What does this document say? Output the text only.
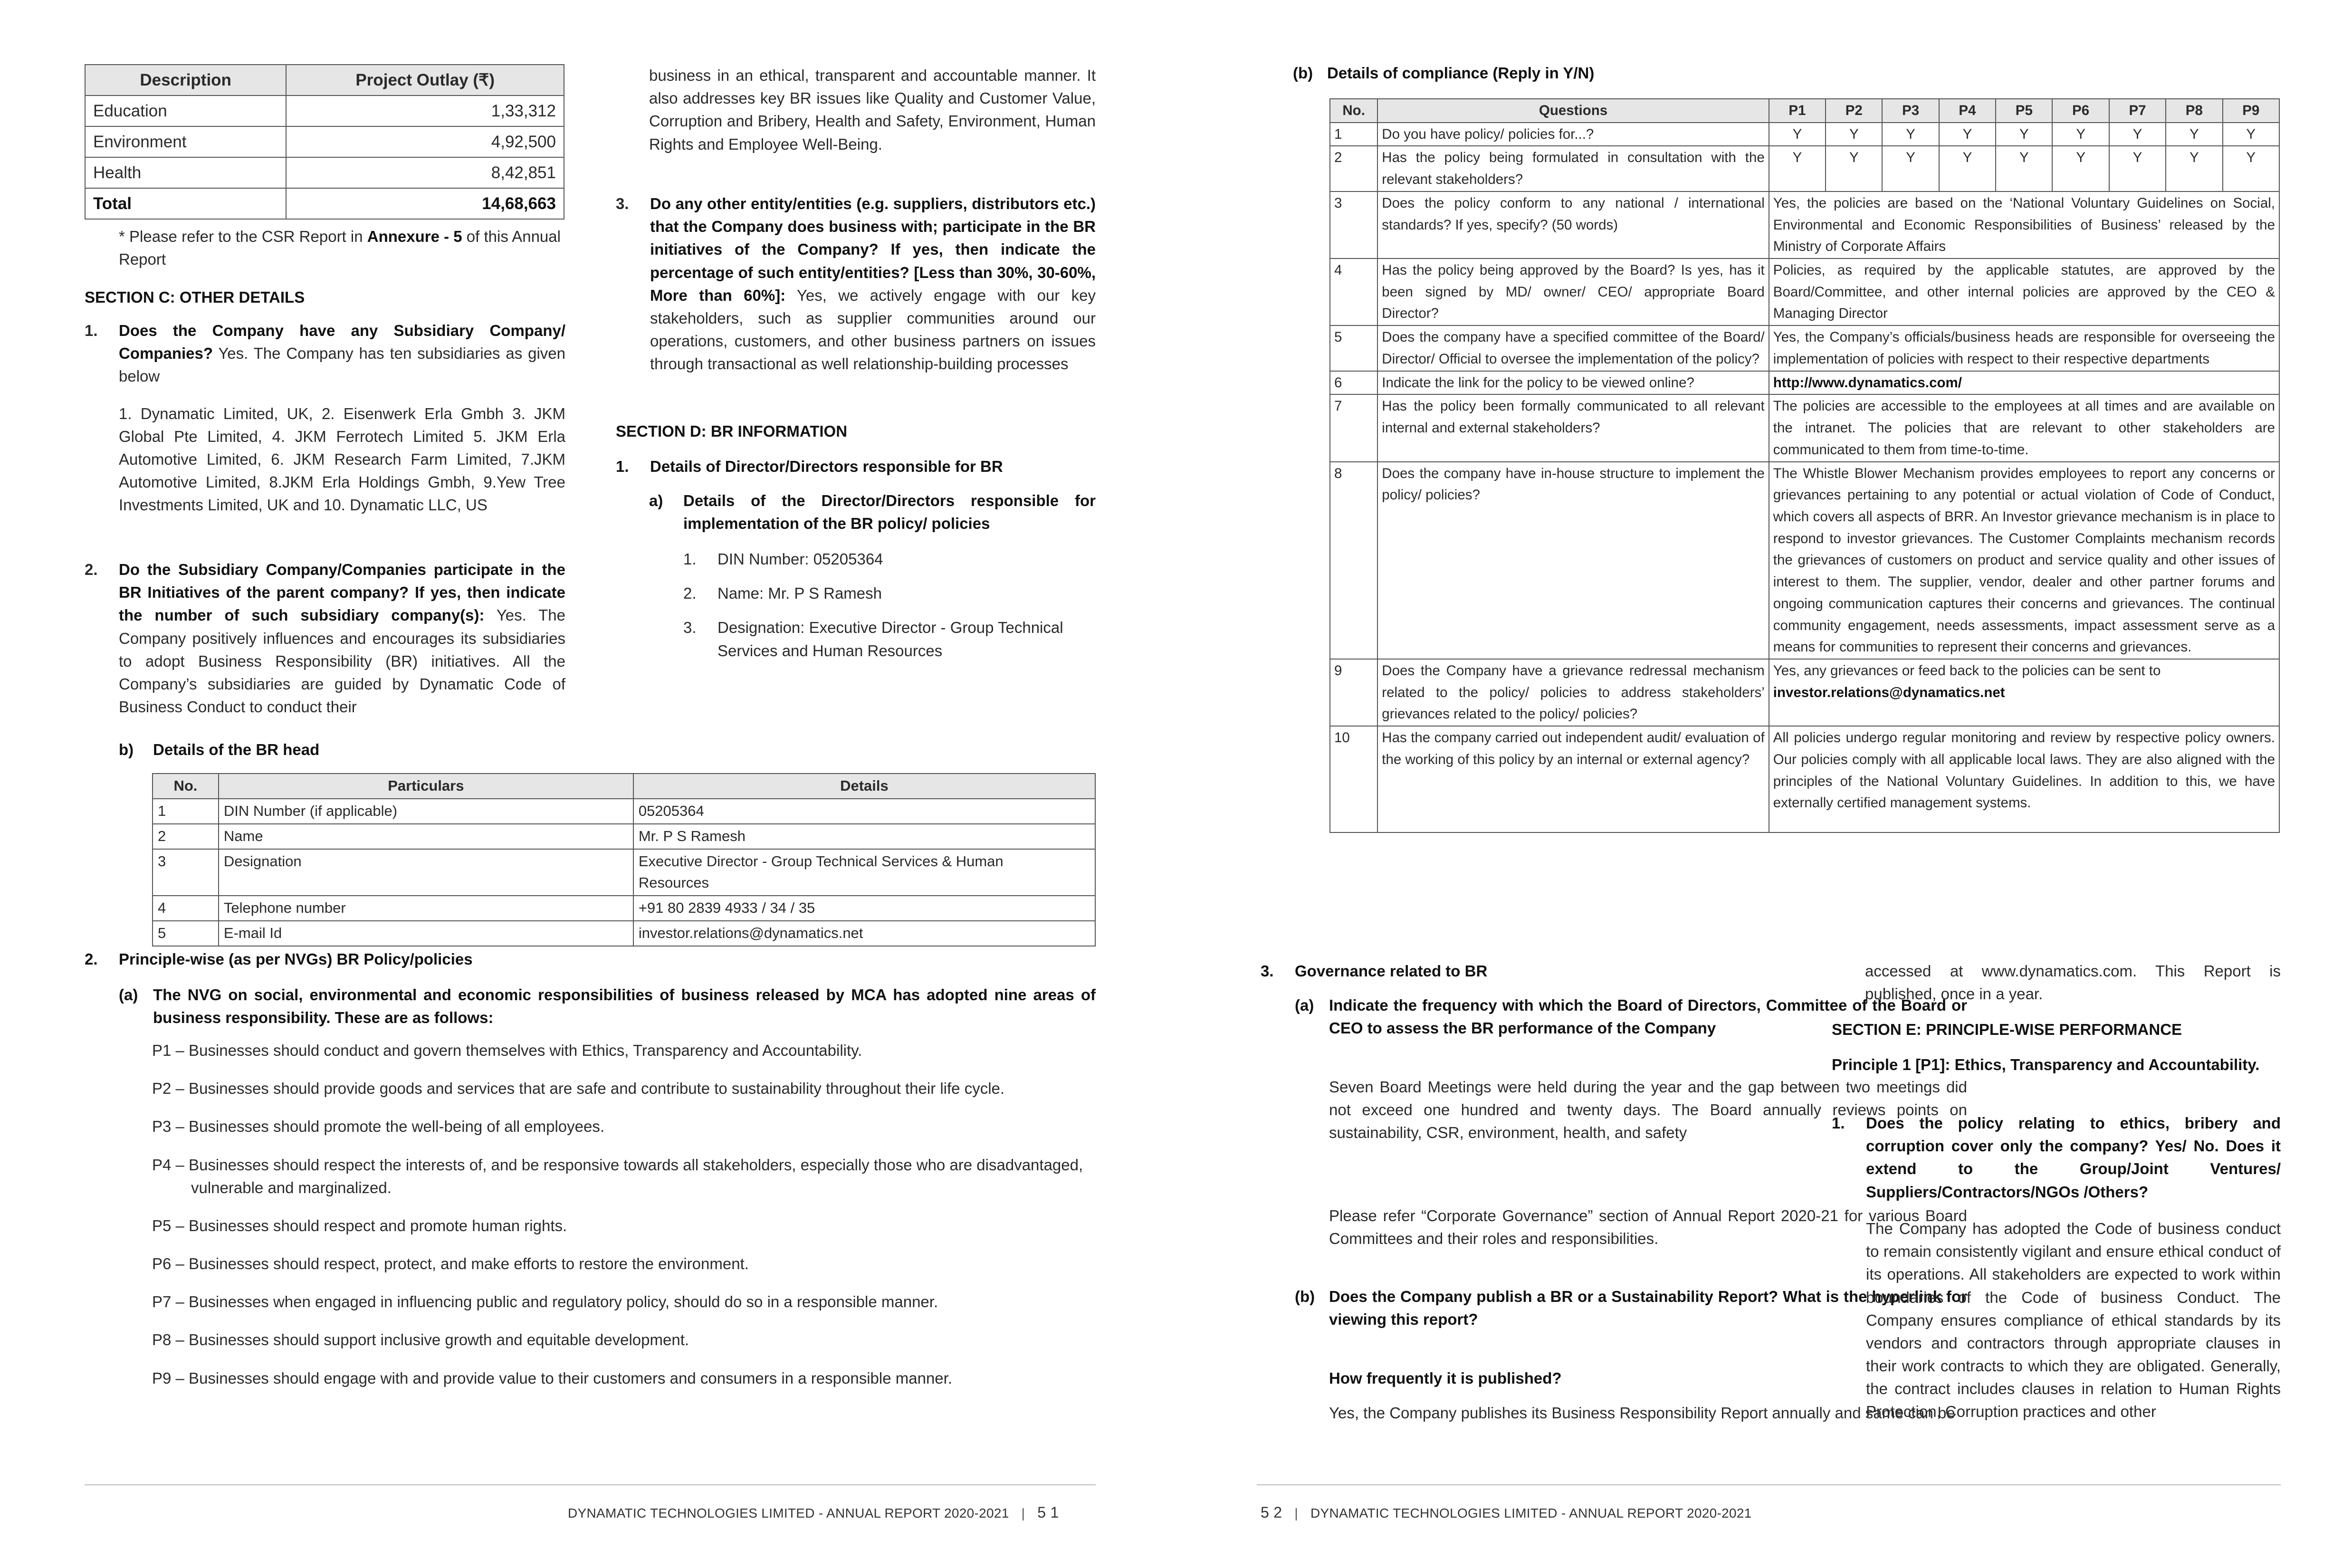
Description	Project Outlay (₹)
Education	1,33,312
Environment	4,92,500
Health	8,42,851
Total	14,68,663

* Please refer to the CSR Report in Annexure - 5 of this Annual Report

SECTION C: OTHER DETAILS

1. Does the Company have any Subsidiary Company/ Companies? Yes. The Company has ten subsidiaries as given below

1. Dynamatic Limited, UK, 2. Eisenwerk Erla Gmbh 3. JKM Global Pte Limited, 4. JKM Ferrotech Limited 5. JKM Erla Automotive Limited, 6. JKM Research Farm Limited, 7.JKM Automotive Limited, 8.JKM Erla Holdings Gmbh, 9.Yew Tree Investments Limited, UK and 10. Dynamatic LLC, US

2. Do the Subsidiary Company/Companies participate in the BR Initiatives of the parent company? If yes, then indicate the number of such subsidiary company(s): Yes. The Company positively influences and encourages its subsidiaries to adopt Business Responsibility (BR) initiatives. All the Company’s subsidiaries are guided by Dynamatic Code of Business Conduct to conduct their

business in an ethical, transparent and accountable manner. It also addresses key BR issues like Quality and Customer Value, Corruption and Bribery, Health and Safety, Environment, Human Rights and Employee Well-Being.

3. Do any other entity/entities (e.g. suppliers, distributors etc.) that the Company does business with; participate in the BR initiatives of the Company? If yes, then indicate the percentage of such entity/entities? [Less than 30%, 30-60%, More than 60%]: Yes, we actively engage with our key stakeholders, such as supplier communities around our operations, customers, and other business partners on issues through transactional as well relationship-building processes

SECTION D: BR INFORMATION

1. Details of Director/Directors responsible for BR
a) Details of the Director/Directors responsible for implementation of the BR policy/ policies
1. DIN Number: 05205364
2. Name: Mr. P S Ramesh
3. Designation: Executive Director - Group Technical Services and Human Resources
b) Details of the BR head
No.	Particulars	Details
1	DIN Number (if applicable)	05205364
2	Name	Mr. P S Ramesh
3	Designation	Executive Director - Group Technical Services & Human Resources
4	Telephone number	+91 80 2839 4933 / 34 / 35
5	E-mail Id	investor.relations@dynamatics.net
2. Principle-wise (as per NVGs) BR Policy/policies
(a) The NVG on social, environmental and economic responsibilities of business released by MCA has adopted nine areas of business responsibility. These are as follows:

P1 – Businesses should conduct and govern themselves with Ethics, Transparency and Accountability.

P2 – Businesses should provide goods and services that are safe and contribute to sustainability throughout their life cycle.

P3 – Businesses should promote the well-being of all employees.

P4 – Businesses should respect the interests of, and be responsive towards all stakeholders, especially those who are disadvantaged, vulnerable and marginalized.

P5 – Businesses should respect and promote human rights.

P6 – Businesses should respect, protect, and make efforts to restore the environment.

P7 – Businesses when engaged in influencing public and regulatory policy, should do so in a responsible manner.

P8 – Businesses should support inclusive growth and equitable development.

P9 – Businesses should engage with and provide value to their customers and consumers in a responsible manner.

DYNAMATIC TECHNOLOGIES LIMITED - ANNUAL REPORT 2020-2021 | 5 1
(b) Details of compliance (Reply in Y/N)
No.	Questions	P1	P2	P3	P4	P5	P6	P7	P8	P9
1	Do you have policy/ policies for...?	Y	Y	Y	Y	Y	Y	Y	Y	Y
2	Has the policy being formulated in consultation with the relevant stakeholders?	Y	Y	Y	Y	Y	Y	Y	Y	Y
3	Does the policy conform to any national / international standards? If yes, specify? (50 words)	Yes, the policies are based on the ‘National Voluntary Guidelines on Social, Environmental and Economic Responsibilities of Business’ released by the Ministry of Corporate Affairs								
4	Has the policy being approved by the Board? Is yes, has it been signed by MD/ owner/ CEO/ appropriate Board Director?	Policies, as required by the applicable statutes, are approved by the Board/Committee, and other internal policies are approved by the CEO & Managing Director								
5	Does the company have a specified committee of the Board/ Director/ Official to oversee the implementation of the policy?	Yes, the Company’s officials/business heads are responsible for overseeing the implementation of policies with respect to their respective departments								
6	Indicate the link for the policy to be viewed online?	http://www.dynamatics.com/								
7	Has the policy been formally communicated to all relevant internal and external stakeholders?	The policies are accessible to the employees at all times and are available on the intranet. The policies that are relevant to other stakeholders are communicated to them from time-to-time.								
8	Does the company have in-house structure to implement the policy/ policies?	The Whistle Blower Mechanism provides employees to report any concerns or grievances pertaining to any potential or actual violation of Code of Conduct, which covers all aspects of BRR. An Investor grievance mechanism is in place to respond to investor grievances. The Customer Complaints mechanism records the grievances of customers on product and service quality and other issues of interest to them. The supplier, vendor, dealer and other partner forums and ongoing communication captures their concerns and grievances. The continual community engagement, needs assessments, impact assessment serve as a means for communities to represent their concerns and grievances.								
9	Does the Company have a grievance redressal mechanism related to the policy/ policies to address stakeholders’ grievances related to the policy/ policies?	Yes, any grievances or feed back to the policies can be sent to
investor.relations@dynamatics.net								

10	Has the company carried out independent audit/ evaluation of the working of this policy by an internal or external agency?	All policies undergo regular monitoring and review by respective policy owners. Our policies comply with all applicable local laws. They are also aligned with the principles of the National Voluntary Guidelines. In addition to this, we have externally certified management systems.								
3. Governance related to BR
(a) Indicate the frequency with which the Board of Directors, Committee of the Board or CEO to assess the BR performance of the Company

Seven Board Meetings were held during the year and the gap between two meetings did not exceed one hundred and twenty days. The Board annually reviews points on sustainability, CSR, environment, health, and safety

Please refer “Corporate Governance” section of Annual Report 2020-21 for various Board Committees and their roles and responsibilities.

(b) Does the Company publish a BR or a Sustainability Report? What is the hyperlink for viewing this report?

How frequently it is published?

Yes, the Company publishes its Business Responsibility Report annually and same can be

accessed at www.dynamatics.com. This Report is published, once in a year.

SECTION E: PRINCIPLE-WISE PERFORMANCE

Principle 1 [P1]: Ethics, Transparency and Accountability.

1. Does the policy relating to ethics, bribery and corruption cover only the company? Yes/ No. Does it extend to the Group/Joint Ventures/ Suppliers/Contractors/NGOs /Others?

The Company has adopted the Code of business conduct to remain consistently vigilant and ensure ethical conduct of its operations. All stakeholders are expected to work within boundaries of the Code of business Conduct. The Company ensures compliance of ethical standards by its vendors and contractors through appropriate clauses in their work contracts to which they are obligated. Generally, the contract includes clauses in relation to Human Rights Protection, Corruption practices and other

5 2 | DYNAMATIC TECHNOLOGIES LIMITED - ANNUAL REPORT 2020-2021
